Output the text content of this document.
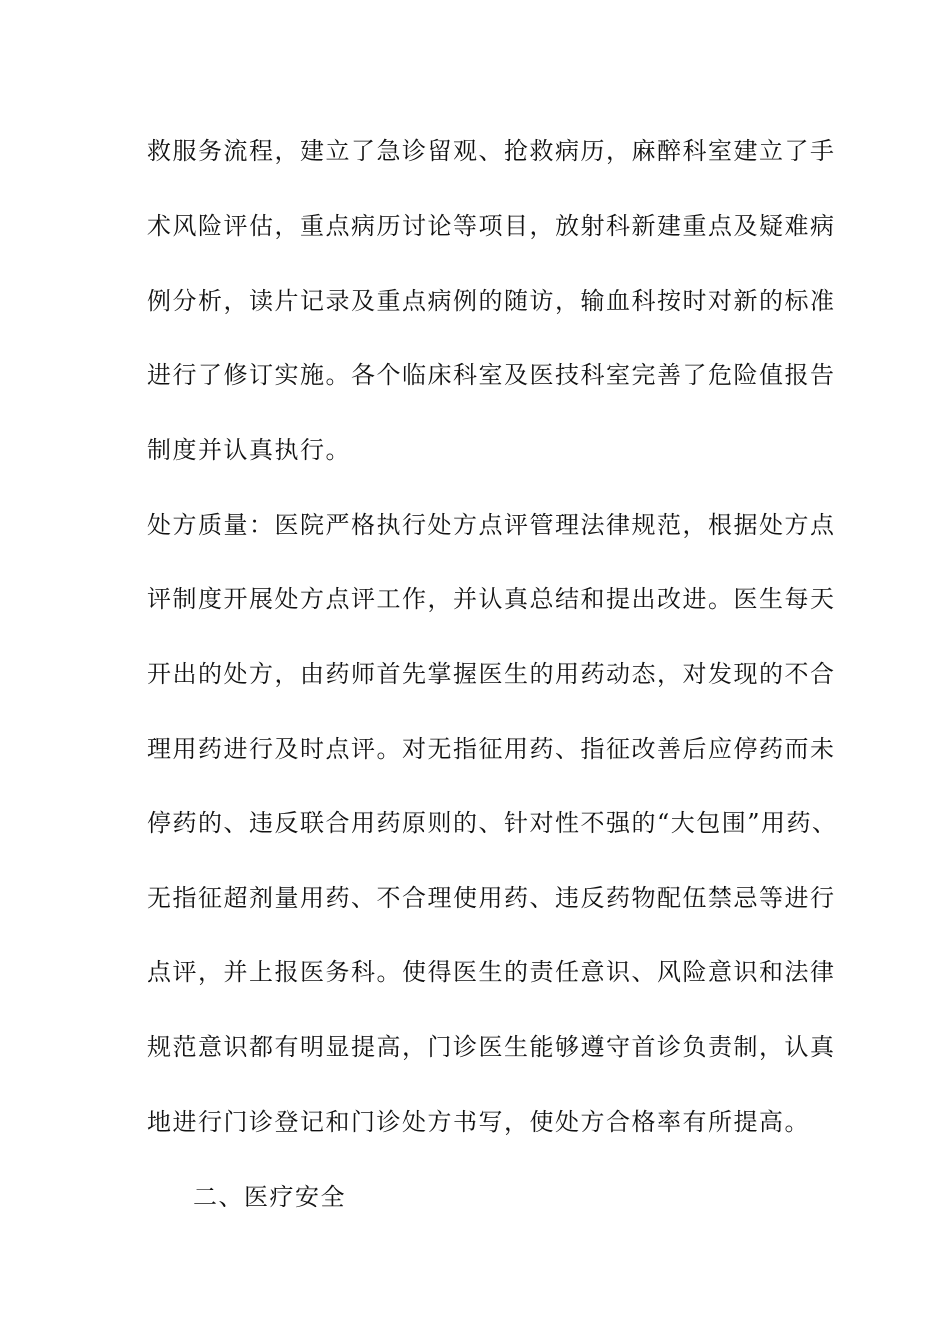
救服务流程，建立了急诊留观、抢救病历，麻醉科室建立了手
术风险评估，重点病历讨论等项目，放射科新建重点及疑难病
例分析，读片记录及重点病例的随访，输血科按时对新的标准
进行了修订实施。各个临床科室及医技科室完善了危险值报告
制度并认真执行。
处方质量：医院严格执行处方点评管理法律规范，根据处方点
评制度开展处方点评工作，并认真总结和提出改进。医生每天
开出的处方，由药师首先掌握医生的用药动态，对发现的不合
理用药进行及时点评。对无指征用药、指征改善后应停药而未
停药的、违反联合用药原则的、针对性不强的“大包围”用药、
无指征超剂量用药、不合理使用药、违反药物配伍禁忌等进行
点评，并上报医务科。使得医生的责任意识、风险意识和法律
规范意识都有明显提高，门诊医生能够遵守首诊负责制，认真
地进行门诊登记和门诊处方书写，使处方合格率有所提高。
二、医疗安全
